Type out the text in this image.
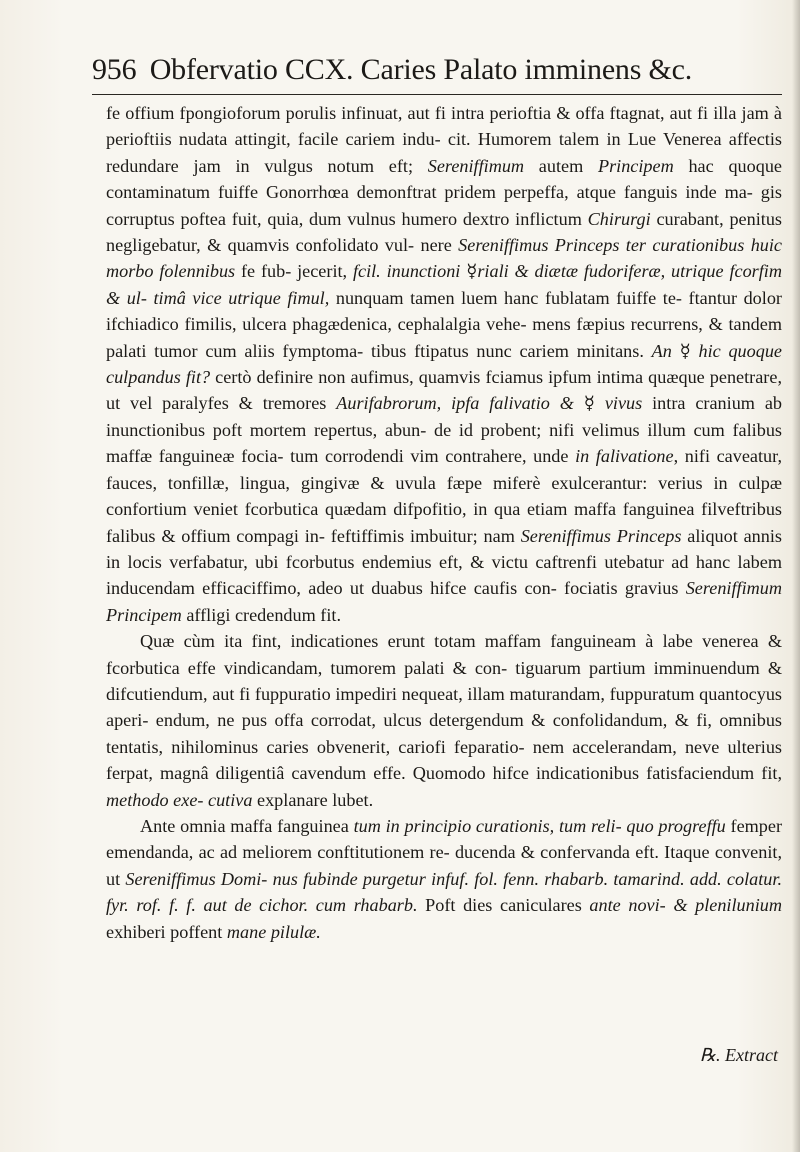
956 Obfervatio CCX. Caries Palato imminens &c.

fe offium fpongioforum porulis infinuat, aut fi intra perioftia & offa ftagnat, aut fi illa jam à perioftiis nudata attingit, facile cariem indu- cit. Humorem talem in Lue Venerea affectis redundare jam in vulgus notum eft; Sereniffimum autem Principem hac quoque contaminatum fuiffe Gonorrhœa demonftrat pridem perpeffa, atque fanguis inde ma- gis corruptus poftea fuit, quia, dum vulnus humero dextro inflictum Chirurgi curabant, penitus negligebatur, & quamvis confolidato vul- nere Sereniffimus Princeps ter curationibus huic morbo folennibus fe fub- jecerit, fcil. inunctioni ☿riali & diætæ fudoriferæ, utrique fcorfim & ul- timâ vice utrique fimul, nunquam tamen luem hanc fublatam fuiffe te- ftantur dolor ifchiadico fimilis, ulcera phagædenica, cephalalgia vehe- mens fæpius recurrens, & tandem palati tumor cum aliis fymptoma- tibus ftipatus nunc cariem minitans. An ☿ hic quoque culpandus fit? certò definire non aufimus, quamvis fciamus ipfum intima quæque penetrare, ut vel paralyfes & tremores Aurifabrorum, ipfa falivatio & ☿ vivus intra cranium ab inunctionibus poft mortem repertus, abun- de id probent; nifi velimus illum cum falibus maffæ fanguineæ focia- tum corrodendi vim contrahere, unde in falivatione, nifi caveatur, fauces, tonfillæ, lingua, gingivæ & uvula fæpe miferè exulcerantur: verius in culpæ confortium veniet fcorbutica quædam difpofitio, in qua etiam maffa fanguinea filveftribus falibus & offium compagi in- feftiffimis imbuitur; nam Sereniffimus Princeps aliquot annis in locis verfabatur, ubi fcorbutus endemius eft, & victu caftrenfi utebatur ad hanc labem inducendam efficaciffimo, adeo ut duabus hifce caufis con- fociatis gravius Sereniffimum Principem affligi credendum fit.

Quæ cùm ita fint, indicationes erunt totam maffam fanguineam à labe venerea & fcorbutica effe vindicandam, tumorem palati & con- tiguarum partium imminuendum & difcutiendum, aut fi fuppuratio impediri nequeat, illam maturandam, fuppuratum quantocyus aperi- endum, ne pus offa corrodat, ulcus detergendum & confolidandum, & fi, omnibus tentatis, nihilominus caries obvenerit, cariofi feparatio- nem accelerandam, neve ulterius ferpat, magnâ diligentiâ cavendum effe. Quomodo hifce indicationibus fatisfaciendum fit, methodo exe- cutiva explanare lubet.

Ante omnia maffa fanguinea tum in principio curationis, tum reli- quo progreffu femper emendanda, ac ad meliorem conftitutionem re- ducenda & confervanda eft. Itaque convenit, ut Sereniffimus Domi- nus fubinde purgetur infuf. fol. fenn. rhabarb. tamarind. add. colatur. fyr. rof. f. f. aut de cichor. cum rhabarb. Poft dies caniculares ante novi- & plenilunium exhiberi poffent mane pilulæ.

℞. Extract
